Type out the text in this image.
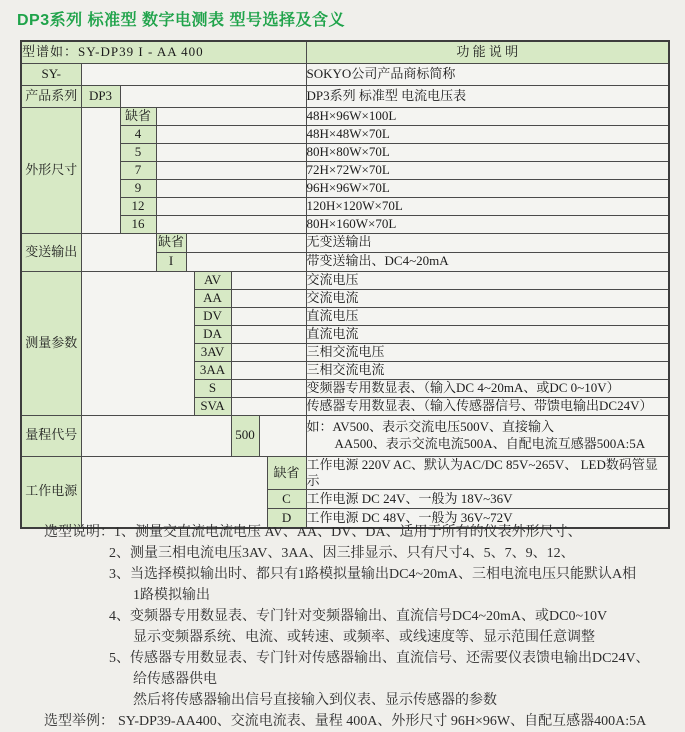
DP3系列 标准型 数字电测表 型号选择及含义
型谱如：SY-DP39 I - AA 400									功 能 说 明
SY-									SOKYO公司产品商标简称
产品系列	DP3								DP3系列 标准型 电流电压表
外形尺寸		缺省							48H×96W×100L
		4							48H×48W×70L
		5							80H×80W×70L
		7							72H×72W×70L
		9							96H×96W×70L
		12							120H×120W×70L
		16							80H×160W×70L
变送输出			缺省						无变送输出
			I						带变送输出、DC4~20mA
测量参数					AV				交流电压
					AA				交流电流
					DV				直流电压
					DA				直流电流
					3AV				三相交流电压
					3AA				三相交流电流
					S				变频器专用数显表、（输入DC 4~20mA、或DC 0~10V）
					SVA				传感器专用数显表、（输入传感器信号、带馈电输出DC24V）
量程代号						500			如：AV500、表示交流电压500V、直接输入
AA500、表示交流电流500A、自配电流互感器500A:5A

工作电源								缺省	工作电源 220V AC、默认为AC/DC 85V~265V、 LED数码管显示
								C	工作电源 DC 24V、一般为 18V~36V
								D	工作电源 DC 48V、一般为 36V~72V
选型说明： 1、测量交直流电流电压 AV、AA、DV、DA、适用于所有的仪表外形尺寸、
2、测量三相电流电压3AV、3AA、因三排显示、只有尺寸4、5、7、9、12、
3、当选择模拟输出时、都只有1路模拟量输出DC4~20mA、三相电流电压只能默认A相
1路模拟输出
4、变频器专用数显表、专门针对变频器输出、直流信号DC4~20mA、或DC0~10V
显示变频器系统、电流、或转速、或频率、或线速度等、显示范围任意调整
5、传感器专用数显表、专门针对传感器输出、直流信号、还需要仪表馈电输出DC24V、
给传感器供电
然后将传感器输出信号直接输入到仪表、显示传感器的参数
选型举例： SY-DP39-AA400、交流电流表、量程 400A、外形尺寸 96H×96W、自配互感器400A:5A
